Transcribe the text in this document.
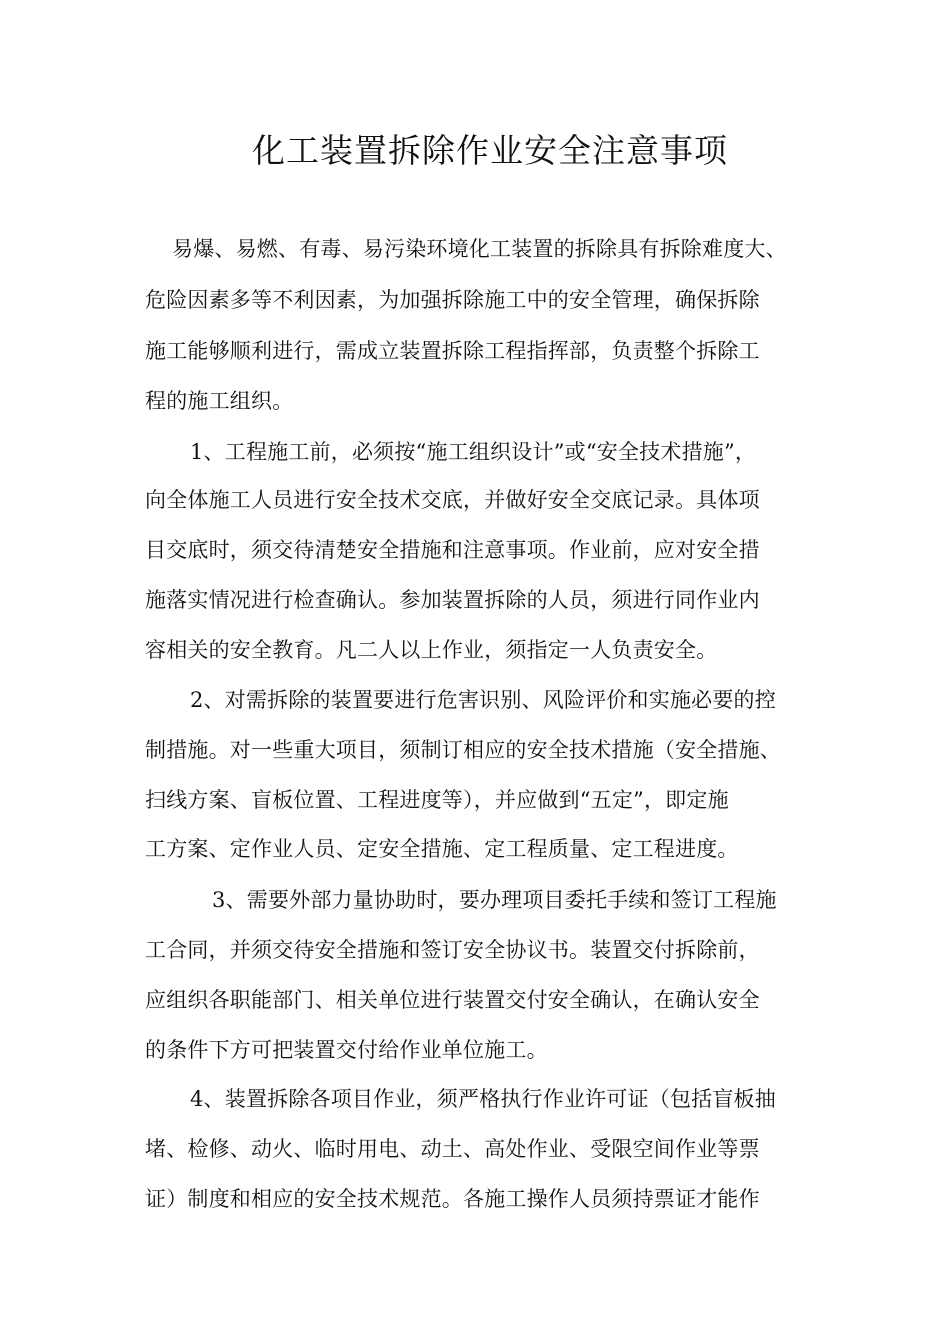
化工装置拆除作业安全注意事项

易爆、易燃、有毒、易污染环境化工装置的拆除具有拆除难度大、

危险因素多等不利因素，为加强拆除施工中的安全管理，确保拆除

施工能够顺利进行，需成立装置拆除工程指挥部，负责整个拆除工

程的施工组织。

1、工程施工前，必须按“施工组织设计”或“安全技术措施”，

向全体施工人员进行安全技术交底，并做好安全交底记录。具体项

目交底时，须交待清楚安全措施和注意事项。作业前，应对安全措

施落实情况进行检查确认。参加装置拆除的人员，须进行同作业内

容相关的安全教育。凡二人以上作业，须指定一人负责安全。

2、对需拆除的装置要进行危害识别、风险评价和实施必要的控

制措施。对一些重大项目，须制订相应的安全技术措施（安全措施、

扫线方案、盲板位置、工程进度等），并应做到“五定”，即定施

工方案、定作业人员、定安全措施、定工程质量、定工程进度。

3、需要外部力量协助时，要办理项目委托手续和签订工程施

工合同，并须交待安全措施和签订安全协议书。装置交付拆除前，

应组织各职能部门、相关单位进行装置交付安全确认，在确认安全

的条件下方可把装置交付给作业单位施工。

4、装置拆除各项目作业，须严格执行作业许可证（包括盲板抽

堵、检修、动火、临时用电、动土、高处作业、受限空间作业等票

证）制度和相应的安全技术规范。各施工操作人员须持票证才能作
